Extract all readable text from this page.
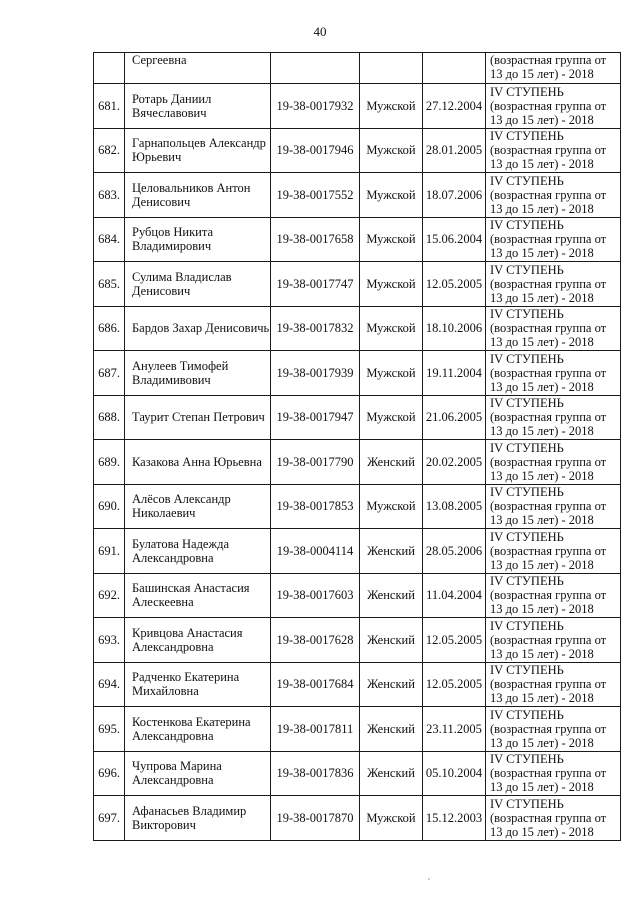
40
	Сергеевна				(возрастная группа от
13 до 15 лет) - 2018

681.	Ротарь Даниил Вячеславович	19-38-0017932	Мужской	27.12.2004	IV СТУПЕНЬ
(возрастная группа от
13 до 15 лет) - 2018

682.	Гарнапольцев Александр Юрьевич	19-38-0017946	Мужской	28.01.2005	IV СТУПЕНЬ
(возрастная группа от
13 до 15 лет) - 2018

683.	Целовальников Антон Денисович	19-38-0017552	Мужской	18.07.2006	IV СТУПЕНЬ
(возрастная группа от
13 до 15 лет) - 2018

684.	Рубцов Никита Владимирович	19-38-0017658	Мужской	15.06.2004	IV СТУПЕНЬ
(возрастная группа от
13 до 15 лет) - 2018

685.	Сулима Владислав Денисович	19-38-0017747	Мужской	12.05.2005	IV СТУПЕНЬ
(возрастная группа от
13 до 15 лет) - 2018

686.	Бардов Захар Денисовичь	19-38-0017832	Мужской	18.10.2006	IV СТУПЕНЬ
(возрастная группа от
13 до 15 лет) - 2018

687.	Анулеев Тимофей Владимивович	19-38-0017939	Мужской	19.11.2004	IV СТУПЕНЬ
(возрастная группа от
13 до 15 лет) - 2018

688.	Таурит Степан Петрович	19-38-0017947	Мужской	21.06.2005	IV СТУПЕНЬ
(возрастная группа от
13 до 15 лет) - 2018

689.	Казакова Анна Юрьевна	19-38-0017790	Женский	20.02.2005	IV СТУПЕНЬ
(возрастная группа от
13 до 15 лет) - 2018

690.	Алёсов Александр Николаевич	19-38-0017853	Мужской	13.08.2005	IV СТУПЕНЬ
(возрастная группа от
13 до 15 лет) - 2018

691.	Булатова Надежда Александровна	19-38-0004114	Женский	28.05.2006	IV СТУПЕНЬ
(возрастная группа от
13 до 15 лет) - 2018

692.	Башинская Анастасия Алескеевна	19-38-0017603	Женский	11.04.2004	IV СТУПЕНЬ
(возрастная группа от
13 до 15 лет) - 2018

693.	Кривцова Анастасия Александровна	19-38-0017628	Женский	12.05.2005	IV СТУПЕНЬ
(возрастная группа от
13 до 15 лет) - 2018

694.	Радченко Екатерина Михайловна	19-38-0017684	Женский	12.05.2005	IV СТУПЕНЬ
(возрастная группа от
13 до 15 лет) - 2018

695.	Костенкова Екатерина Александровна	19-38-0017811	Женский	23.11.2005	IV СТУПЕНЬ
(возрастная группа от
13 до 15 лет) - 2018

696.	Чупрова Марина Александровна	19-38-0017836	Женский	05.10.2004	IV СТУПЕНЬ
(возрастная группа от
13 до 15 лет) - 2018

697.	Афанасьев Владимир Викторович	19-38-0017870	Мужской	15.12.2003	IV СТУПЕНЬ
(возрастная группа от
13 до 15 лет) - 2018
